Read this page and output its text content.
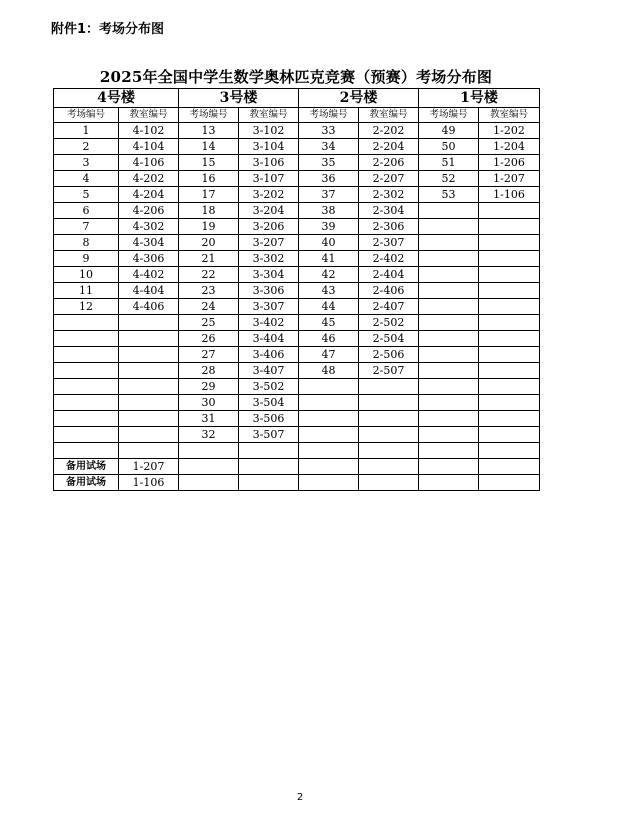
附件1：考场分布图
2025年全国中学生数学奥林匹克竞赛（预赛）考场分布图
4号楼		3号楼		2号楼		1号楼	
考场编号	教室编号	考场编号	教室编号	考场编号	教室编号	考场编号	教室编号
1	4-102	13	3-102	33	2-202	49	1-202
2	4-104	14	3-104	34	2-204	50	1-204
3	4-106	15	3-106	35	2-206	51	1-206
4	4-202	16	3-107	36	2-207	52	1-207
5	4-204	17	3-202	37	2-302	53	1-106
6	4-206	18	3-204	38	2-304		
7	4-302	19	3-206	39	2-306		
8	4-304	20	3-207	40	2-307		
9	4-306	21	3-302	41	2-402		
10	4-402	22	3-304	42	2-404		
11	4-404	23	3-306	43	2-406		
12	4-406	24	3-307	44	2-407		
		25	3-402	45	2-502		
		26	3-404	46	2-504		
		27	3-406	47	2-506		
		28	3-407	48	2-507		
		29	3-502				
		30	3-504				
		31	3-506				
		32	3-507				

备用试场	1-207						
备用试场	1-106						
2
